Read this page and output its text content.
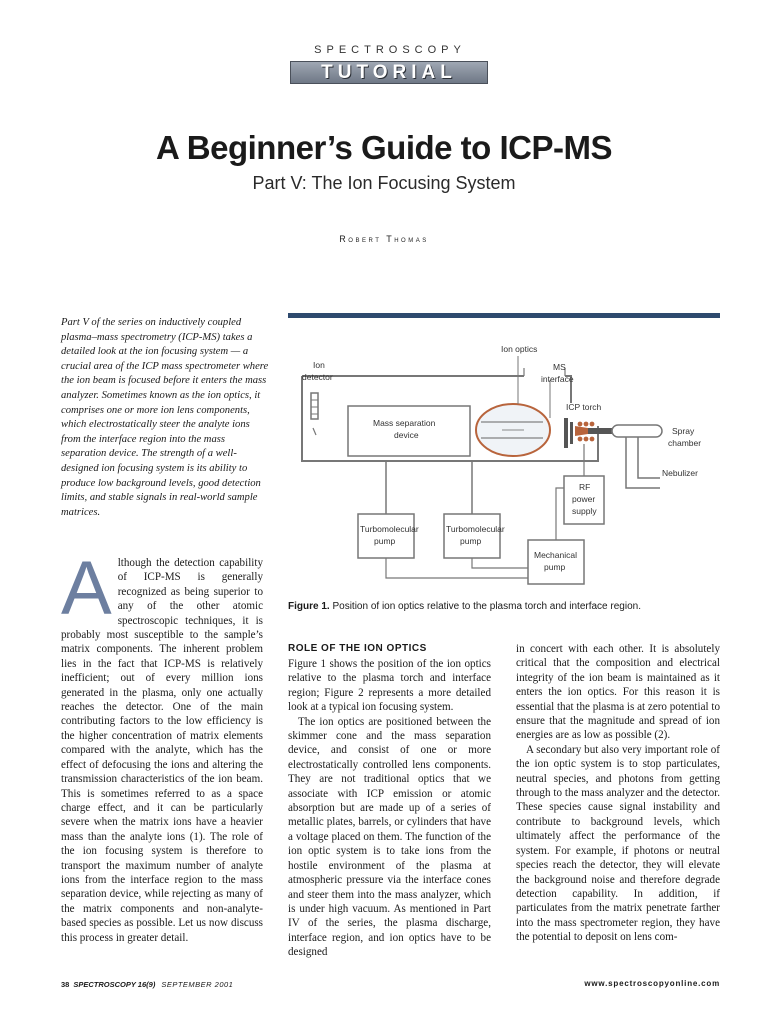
SPECTROSCOPY
TUTORIAL
A Beginner’s Guide to ICP-MS
Part V: The Ion Focusing System
Robert Thomas
Part V of the series on inductively coupled plasma–mass spectrometry (ICP-MS) takes a detailed look at the ion focusing system — a crucial area of the ICP mass spectrometer where the ion beam is focused before it enters the mass analyzer. Sometimes known as the ion optics, it comprises one or more ion lens components, which electrostatically steer the analyte ions from the interface region into the mass separation device. The strength of a well-designed ion focusing system is its ability to produce low background levels, good detection limits, and stable signals in real-world sample matrices.
Ion optics
Ion
detector
MS
interface
ICP torch
Mass separation
device	Spray
chamber
Nebulizer
RF
power
supply
Turbomolecular
pump
Turbomolecular
pump
Mechanical
pump
Figure 1. Position of ion optics relative to the plasma torch and interface region.

Although the detection capability of ICP-MS is generally recognized as being superior to any of the other atomic spectroscopic techniques, it is probably most susceptible to the sample’s matrix components. The inherent problem lies in the fact that ICP-MS is relatively inefficient; out of every million ions generated in the plasma, only one actually reaches the detector. One of the main contributing factors to the low efficiency is the higher concentration of matrix elements compared with the analyte, which has the effect of defocusing the ions and altering the transmission characteristics of the ion beam. This is sometimes referred to as a space charge effect, and it can be particularly severe when the matrix ions have a heavier mass than the analyte ions (1). The role of the ion focusing system is therefore to transport the maximum number of analyte ions from the interface region to the mass separation device, while rejecting as many of the matrix components and non-analyte-based species as possible. Let us now discuss this process in greater detail.

ROLE OF THE ION OPTICS

Figure 1 shows the position of the ion optics relative to the plasma torch and interface region; Figure 2 represents a more detailed look at a typical ion focusing system.

The ion optics are positioned between the skimmer cone and the mass separation device, and consist of one or more electrostatically controlled lens components. They are not traditional optics that we associate with ICP emission or atomic absorption but are made up of a series of metallic plates, barrels, or cylinders that have a voltage placed on them. The function of the ion optic system is to take ions from the hostile environment of the plasma at atmospheric pressure via the interface cones and steer them into the mass analyzer, which is under high vacuum. As mentioned in Part IV of the series, the plasma discharge, interface region, and ion optics have to be designed

in concert with each other. It is absolutely critical that the composition and electrical integrity of the ion beam is maintained as it enters the ion optics. For this reason it is essential that the plasma is at zero potential to ensure that the magnitude and spread of ion energies are as low as possible (2).

A secondary but also very important role of the ion optic system is to stop particulates, neutral species, and photons from getting through to the mass analyzer and the detector. These species cause signal instability and contribute to background levels, which ultimately affect the performance of the system. For example, if photons or neutral species reach the detector, they will elevate the background noise and therefore degrade detection capability. In addition, if particulates from the matrix penetrate farther into the mass spectrometer region, they have the potential to deposit on lens com-

38 SPECTROSCOPY 16(9) SEPTEMBER 2001	www.spectroscopyonline.com
